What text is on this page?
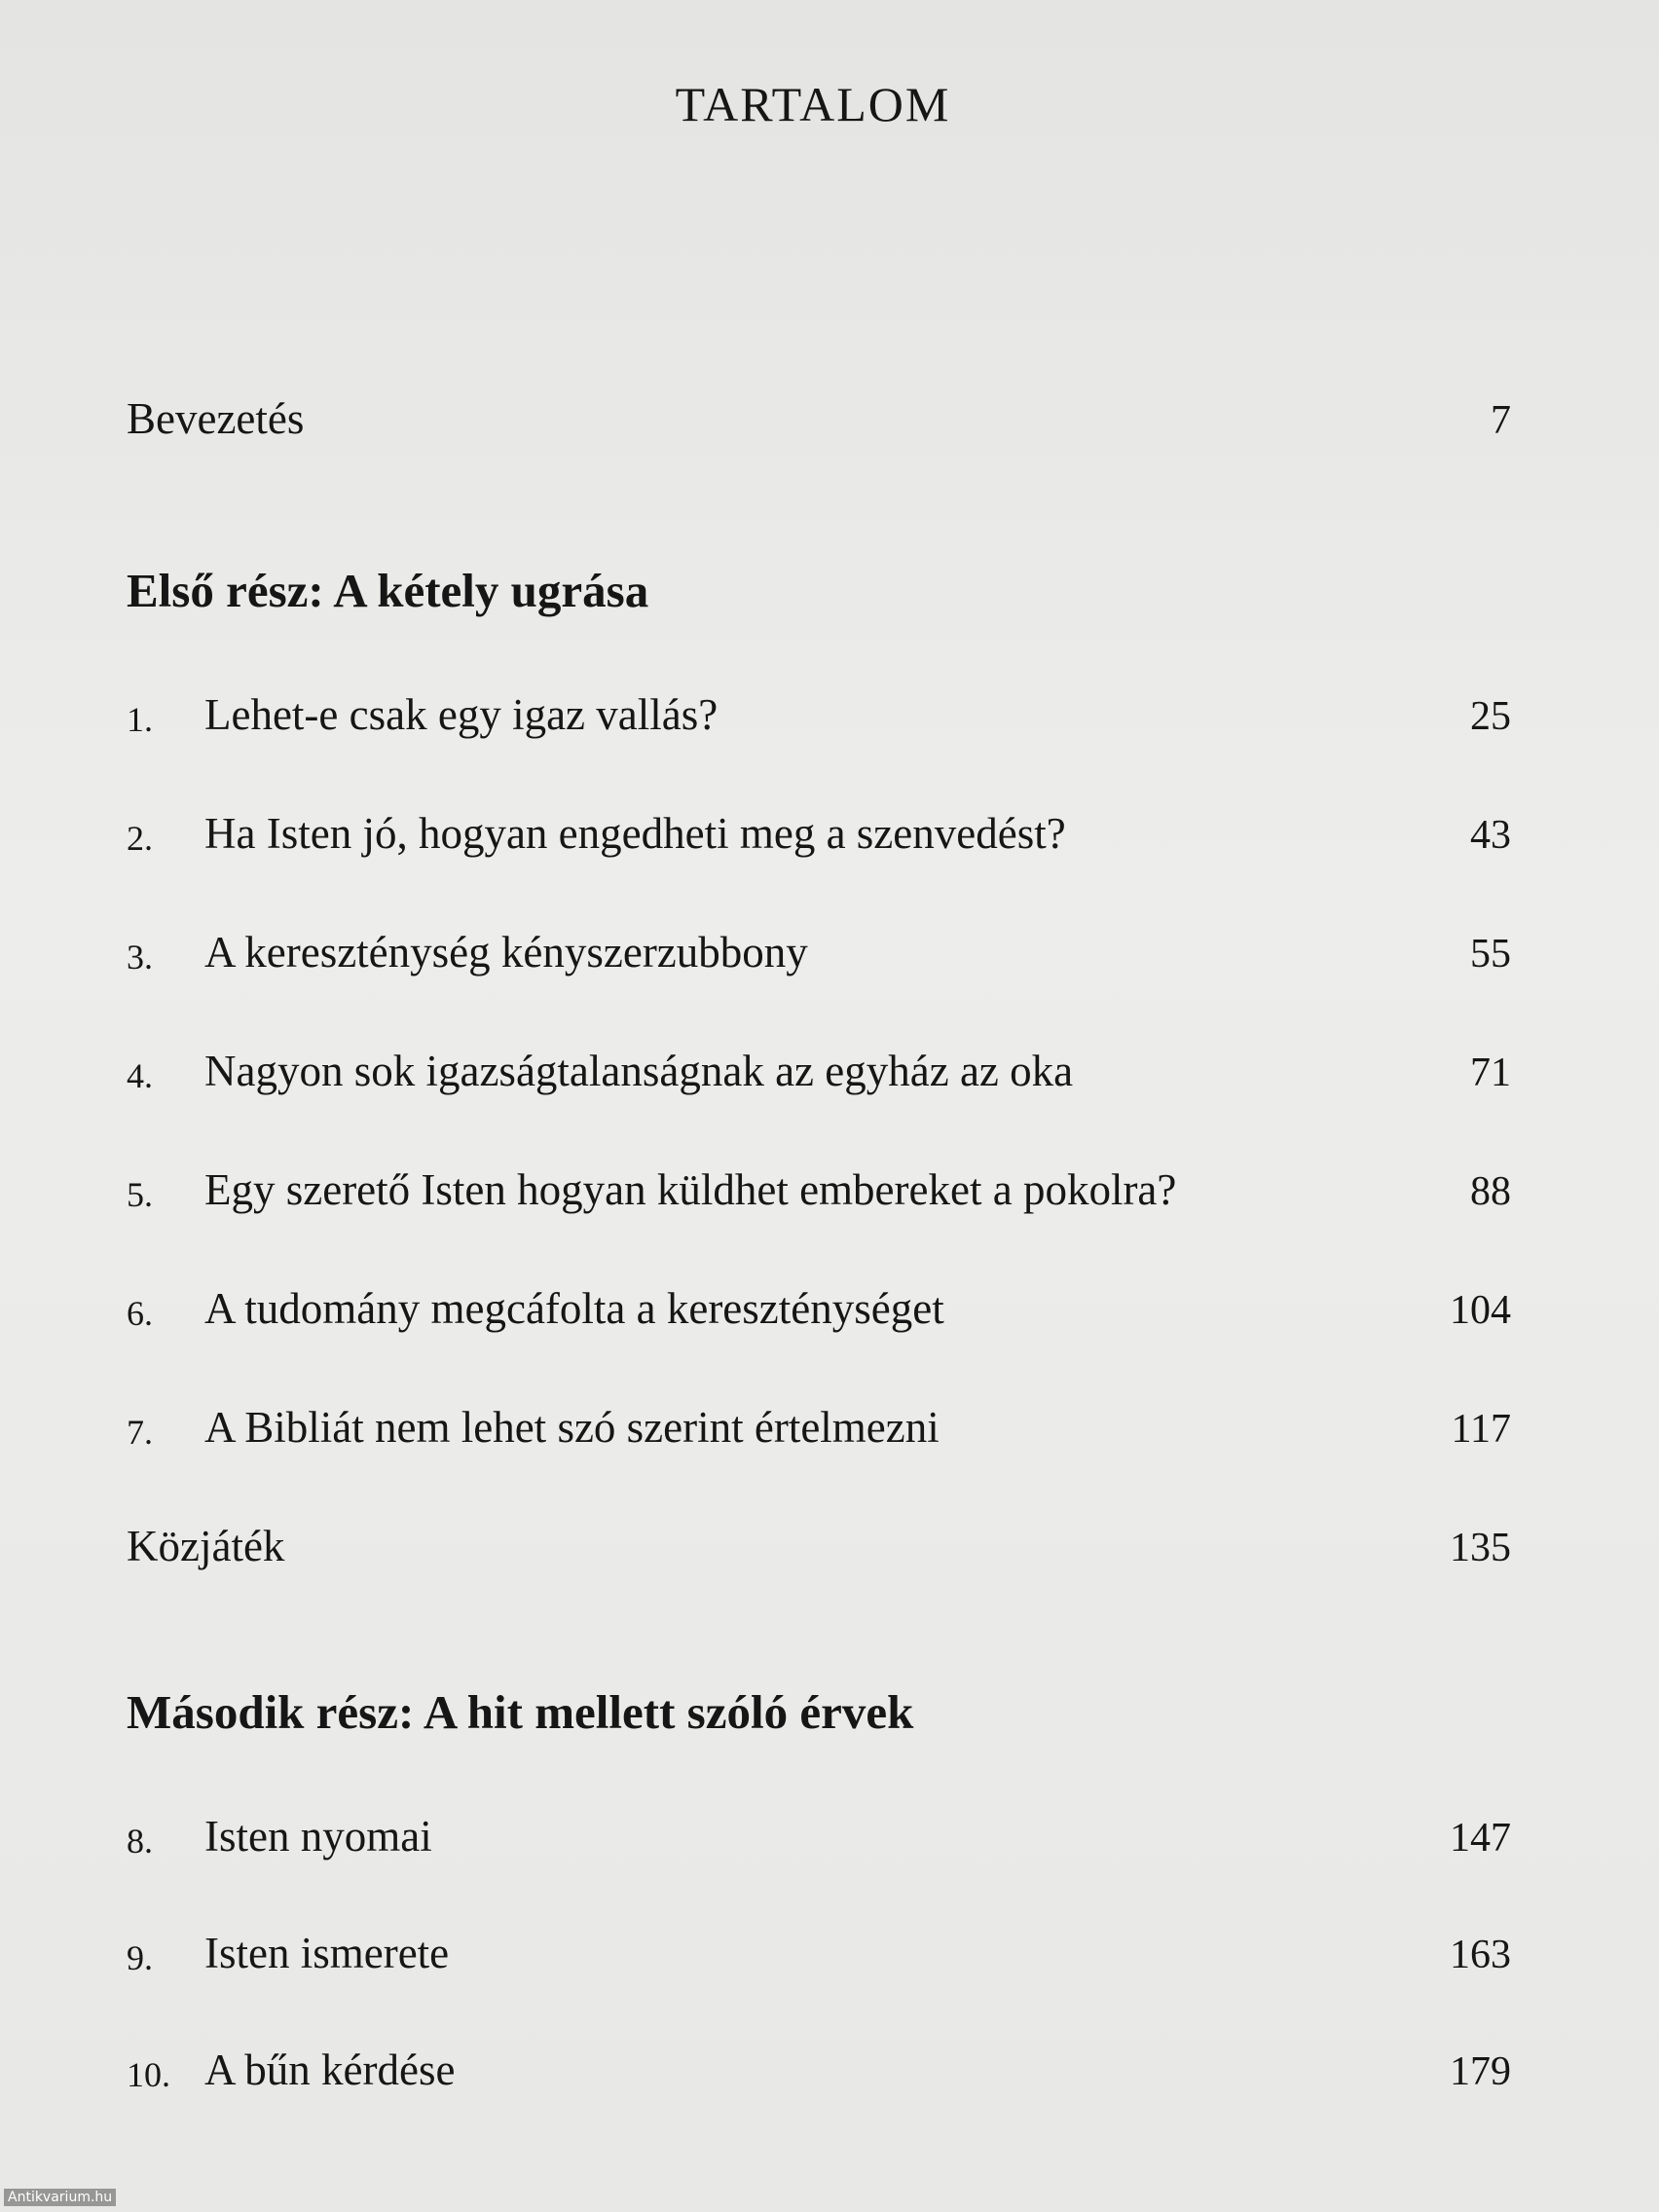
TARTALOM
Bevezetés	7
Első rész: A kétely ugrása
1.	Lehet-e csak egy igaz vallás?	25
2.	Ha Isten jó, hogyan engedheti meg a szenvedést?	43
3.	A kereszténység kényszerzubbony	55
4.	Nagyon sok igazságtalanságnak az egyház az oka	71
5.	Egy szerető Isten hogyan küldhet embereket a pokolra?	88
6.	A tudomány megcáfolta a kereszténységet	104
7.	A Bibliát nem lehet szó szerint értelmezni	117
Közjáték	135
Második rész: A hit mellett szóló érvek
8.	Isten nyomai	147
9.	Isten ismerete	163
10. A bűn kérdése	179
Antikvarium.hu
